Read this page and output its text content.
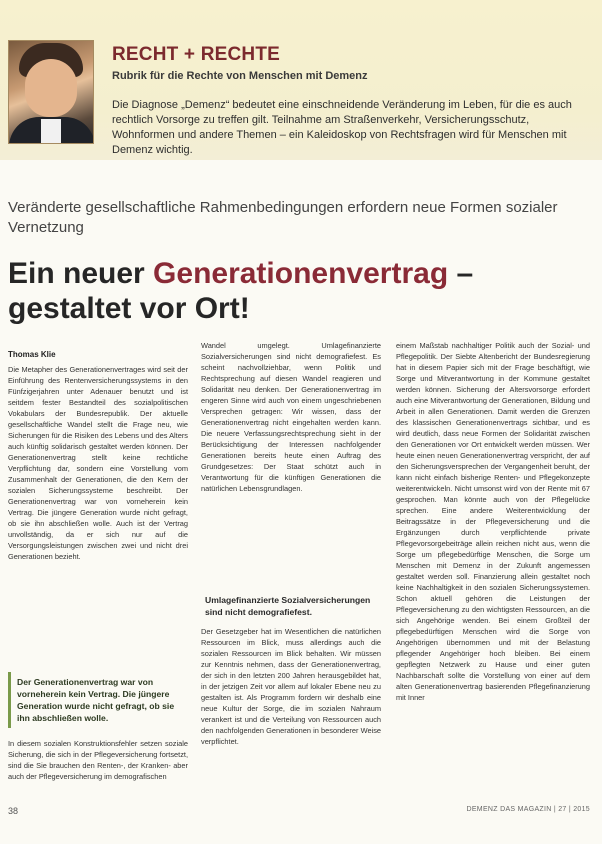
RECHT + RECHTE
Rubrik für die Rechte von Menschen mit Demenz
Die Diagnose „Demenz“ bedeutet eine einschneidende Veränderung im Leben, für die es auch rechtlich Vorsorge zu treffen gilt. Teilnahme am Straßenverkehr, Versicherungsschutz, Wohnformen und andere Themen – ein Kaleidoskop von Rechtsfragen wird für Menschen mit Demenz wichtig.
Veränderte gesellschaftliche Rahmenbedingungen erfordern neue Formen sozialer Vernetzung
Ein neuer Generationenvertrag – gestaltet vor Ort!
Thomas Klie
Die Metapher des Generationenvertrages wird seit der Einführung des Rentenversicherungssystems in den Fünfzigerjahren unter Adenauer benutzt und ist seitdem fester Bestandteil des sozialpolitischen Vokabulars der Bundesrepublik. Der aktuelle gesellschaftliche Wandel stellt die Frage neu, wie Sicherungen für die Risiken des Lebens und des Alters auch künftig solidarisch gestaltet werden können. Der Generationenvertrag stellt keine rechtliche Verpflichtung dar, sondern eine Vorstellung vom Zusammenhalt der Generationen, die den Kern der sozialen Sicherungssysteme beschreibt. Der Generationenvertrag war von vorneherein kein Vertrag. Die jüngere Generation wurde nicht gefragt, ob sie ihn abschließen wolle. Auch ist der Vertrag unvollständig, da er sich nur auf die Versorgungsleistungen zwischen zwei und nicht drei Generationen bezieht.
Der Generationenvertrag war von vorneherein kein Vertrag. Die jüngere Generation wurde nicht gefragt, ob sie ihn abschließen wolle.
In diesem sozialen Konstruktionsfehler setzen soziale Sicherung, die sich in der Pflegeversicherung fortsetzt, sind die Sie brauchen den Renten-, der Kranken- aber auch der Pflegeversicherung im demografischen
Wandel umgelegt. Umlagefinanzierte Sozialversicherungen sind nicht demografiefest. Es scheint nachvollziehbar, wenn Politik und Rechtsprechung auf diesen Wandel reagieren und Solidarität neu denken. Der Generationenvertrag im engeren Sinne wird auch von einem ungeschriebenen Versprechen getragen: Wir wissen, dass der Generationenvertrag nicht eingehalten werden kann. Die neuere Verfassungsrechtsprechung sieht in der Berücksichtigung der Interessen nachfolgender Generationen bereits heute einen Auftrag des Grundgesetzes: Der Staat schützt auch in Verantwortung für die künftigen Generationen die natürlichen Lebensgrundlagen.
Umlagefinanzierte Sozialversicherungen sind nicht demografiefest.
Der Gesetzgeber hat im Wesentlichen die natürlichen Ressourcen im Blick, muss allerdings auch die sozialen Ressourcen im Blick behalten. Wir müssen zur Kenntnis nehmen, dass der Generationenvertrag, der sich in den letzten 200 Jahren herausgebildet hat, in der jetzigen Zeit vor allem auf lokaler Ebene neu zu gestalten ist. Als Programm fordern wir deshalb eine neue Kultur der Sorge, die im sozialen Nahraum verankert ist und die Verteilung von Ressourcen auch den nachfolgenden Generationen in besonderer Weise verpflichtet.
einem Maßstab nachhaltiger Politik auch der Sozial- und Pflegepolitik. Der Siebte Altenbericht der Bundesregierung hat in diesem Papier sich mit der Frage beschäftigt, wie Sorge und Mitverantwortung in der Kommune gestaltet werden können. Sicherung der Altersvorsorge erfordert auch eine Mitverantwortung der Generationen, Bildung und Arbeit in allen Generationen. Damit werden die Grenzen des klassischen Generationenvertrags sichtbar, und es wird deutlich, dass neue Formen der Solidarität zwischen den Generationen vor Ort entwickelt werden müssen. Wer heute einen neuen Generationenvertrag verspricht, der auf den Sicherungsversprechen der Vergangenheit beruht, der kann nicht einfach bisherige Renten- und Pflegekonzepte weiterentwickeln. Nicht umsonst wird von der Rente mit 67 gesprochen. Man könnte auch von der Pflegelücke sprechen. Eine andere Weiterentwicklung der Beitragssätze in der Pflegeversicherung und die Ergänzungen durch verpflichtende private Pflegevorsorgebeiträge allein reichen nicht aus, wenn die Sorge um pflegebedürftige Menschen, die Sorge um Menschen mit Demenz in der Zukunft angemessen gestaltet werden soll. Finanzierung allein gestaltet noch keine Nachhaltigkeit in den sozialen Sicherungssystemen. Schon aktuell gehören die Leistungen der Pflegeversicherung zu den wichtigsten Ressourcen, an die sich Angehörige wenden. Bei einem Großteil der pflegebedürftigen Menschen wird die Sorge von Angehörigen übernommen und mit der Belastung pflegender Angehöriger hoch bleiben. Bei einem gepflegten Netzwerk zu Hause und einer guten Nachbarschaft sollte die Vorstellung von einer auf dem alten Generationenvertrag basierenden Pflegefinanzierung mit Inner
38	DEMENZ DAS MAGAZIN | 27 | 2015
